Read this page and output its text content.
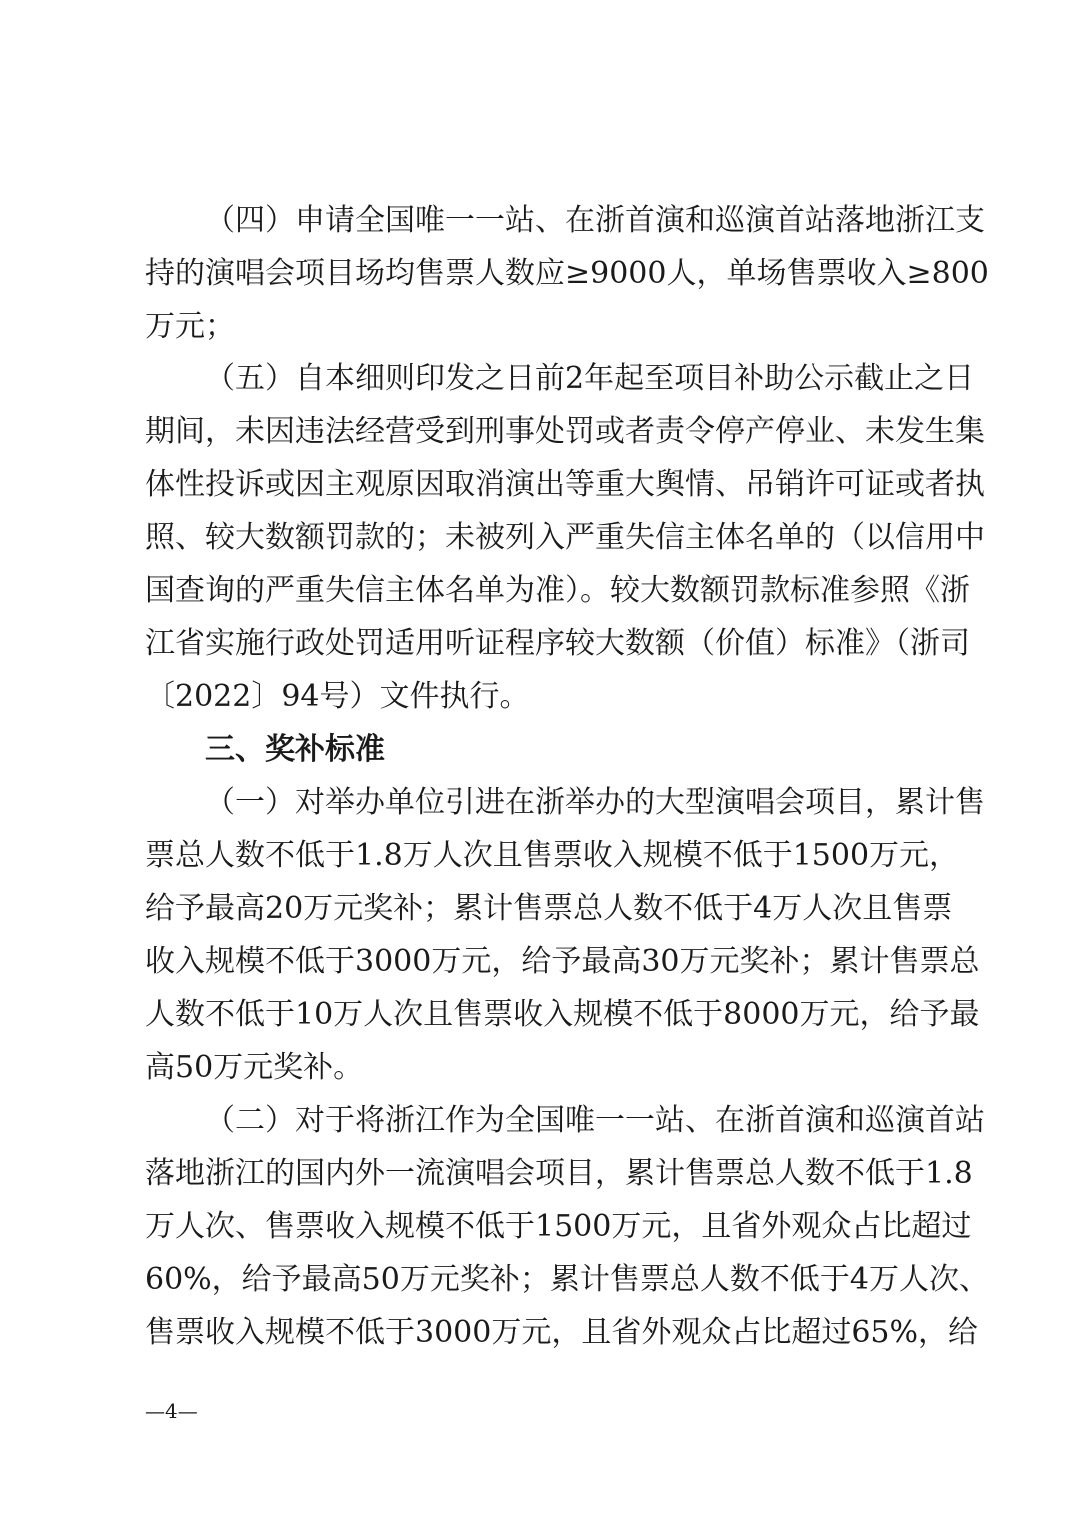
（四）申请全国唯一一站、在浙首演和巡演首站落地浙江支
持的演唱会项目场均售票人数应≥9000人，单场售票收入≥800
万元；
（五）自本细则印发之日前2年起至项目补助公示截止之日
期间，未因违法经营受到刑事处罚或者责令停产停业、未发生集
体性投诉或因主观原因取消演出等重大舆情、吊销许可证或者执
照、较大数额罚款的；未被列入严重失信主体名单的（以信用中
国查询的严重失信主体名单为准）。较大数额罚款标准参照《浙
江省实施行政处罚适用听证程序较大数额（价值）标准》（浙司
〔2022〕94号）文件执行。
三、奖补标准
（一）对举办单位引进在浙举办的大型演唱会项目，累计售
票总人数不低于1.8万人次且售票收入规模不低于1500万元，
给予最高20万元奖补；累计售票总人数不低于4万人次且售票
收入规模不低于3000万元，给予最高30万元奖补；累计售票总
人数不低于10万人次且售票收入规模不低于8000万元，给予最
高50万元奖补。
（二）对于将浙江作为全国唯一一站、在浙首演和巡演首站
落地浙江的国内外一流演唱会项目，累计售票总人数不低于1.8
万人次、售票收入规模不低于1500万元，且省外观众占比超过
60%，给予最高50万元奖补；累计售票总人数不低于4万人次、
售票收入规模不低于3000万元，且省外观众占比超过65%，给
—4—
